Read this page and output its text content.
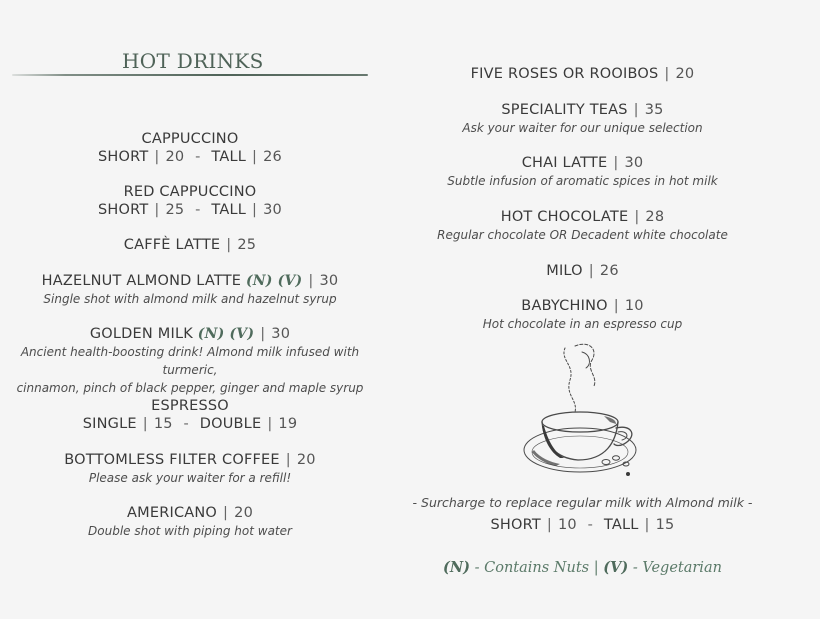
HOT DRINKS
CAPPUCCINO
SHORT | 20 - TALL | 26
RED CAPPUCCINO
SHORT | 25 - TALL | 30
CAFFÈ LATTE | 25
HAZELNUT ALMOND LATTE (N) (V) | 30
Single shot with almond milk and hazelnut syrup
GOLDEN MILK (N) (V) | 30
Ancient health-boosting drink! Almond milk infused with turmeric,
cinnamon, pinch of black pepper, ginger and maple syrup
ESPRESSO
SINGLE | 15 - DOUBLE | 19
BOTTOMLESS FILTER COFFEE | 20
Please ask your waiter for a refill!
AMERICANO | 20
Double shot with piping hot water
FIVE ROSES OR ROOIBOS | 20
SPECIALITY TEAS | 35
Ask your waiter for our unique selection
CHAI LATTE | 30
Subtle infusion of aromatic spices in hot milk
HOT CHOCOLATE | 28
Regular chocolate OR Decadent white chocolate
MILO | 26
BABYCHINO | 10
Hot chocolate in an espresso cup
- Surcharge to replace regular milk with Almond milk -
SHORT | 10 - TALL | 15
(N) - Contains Nuts | (V) - Vegetarian
